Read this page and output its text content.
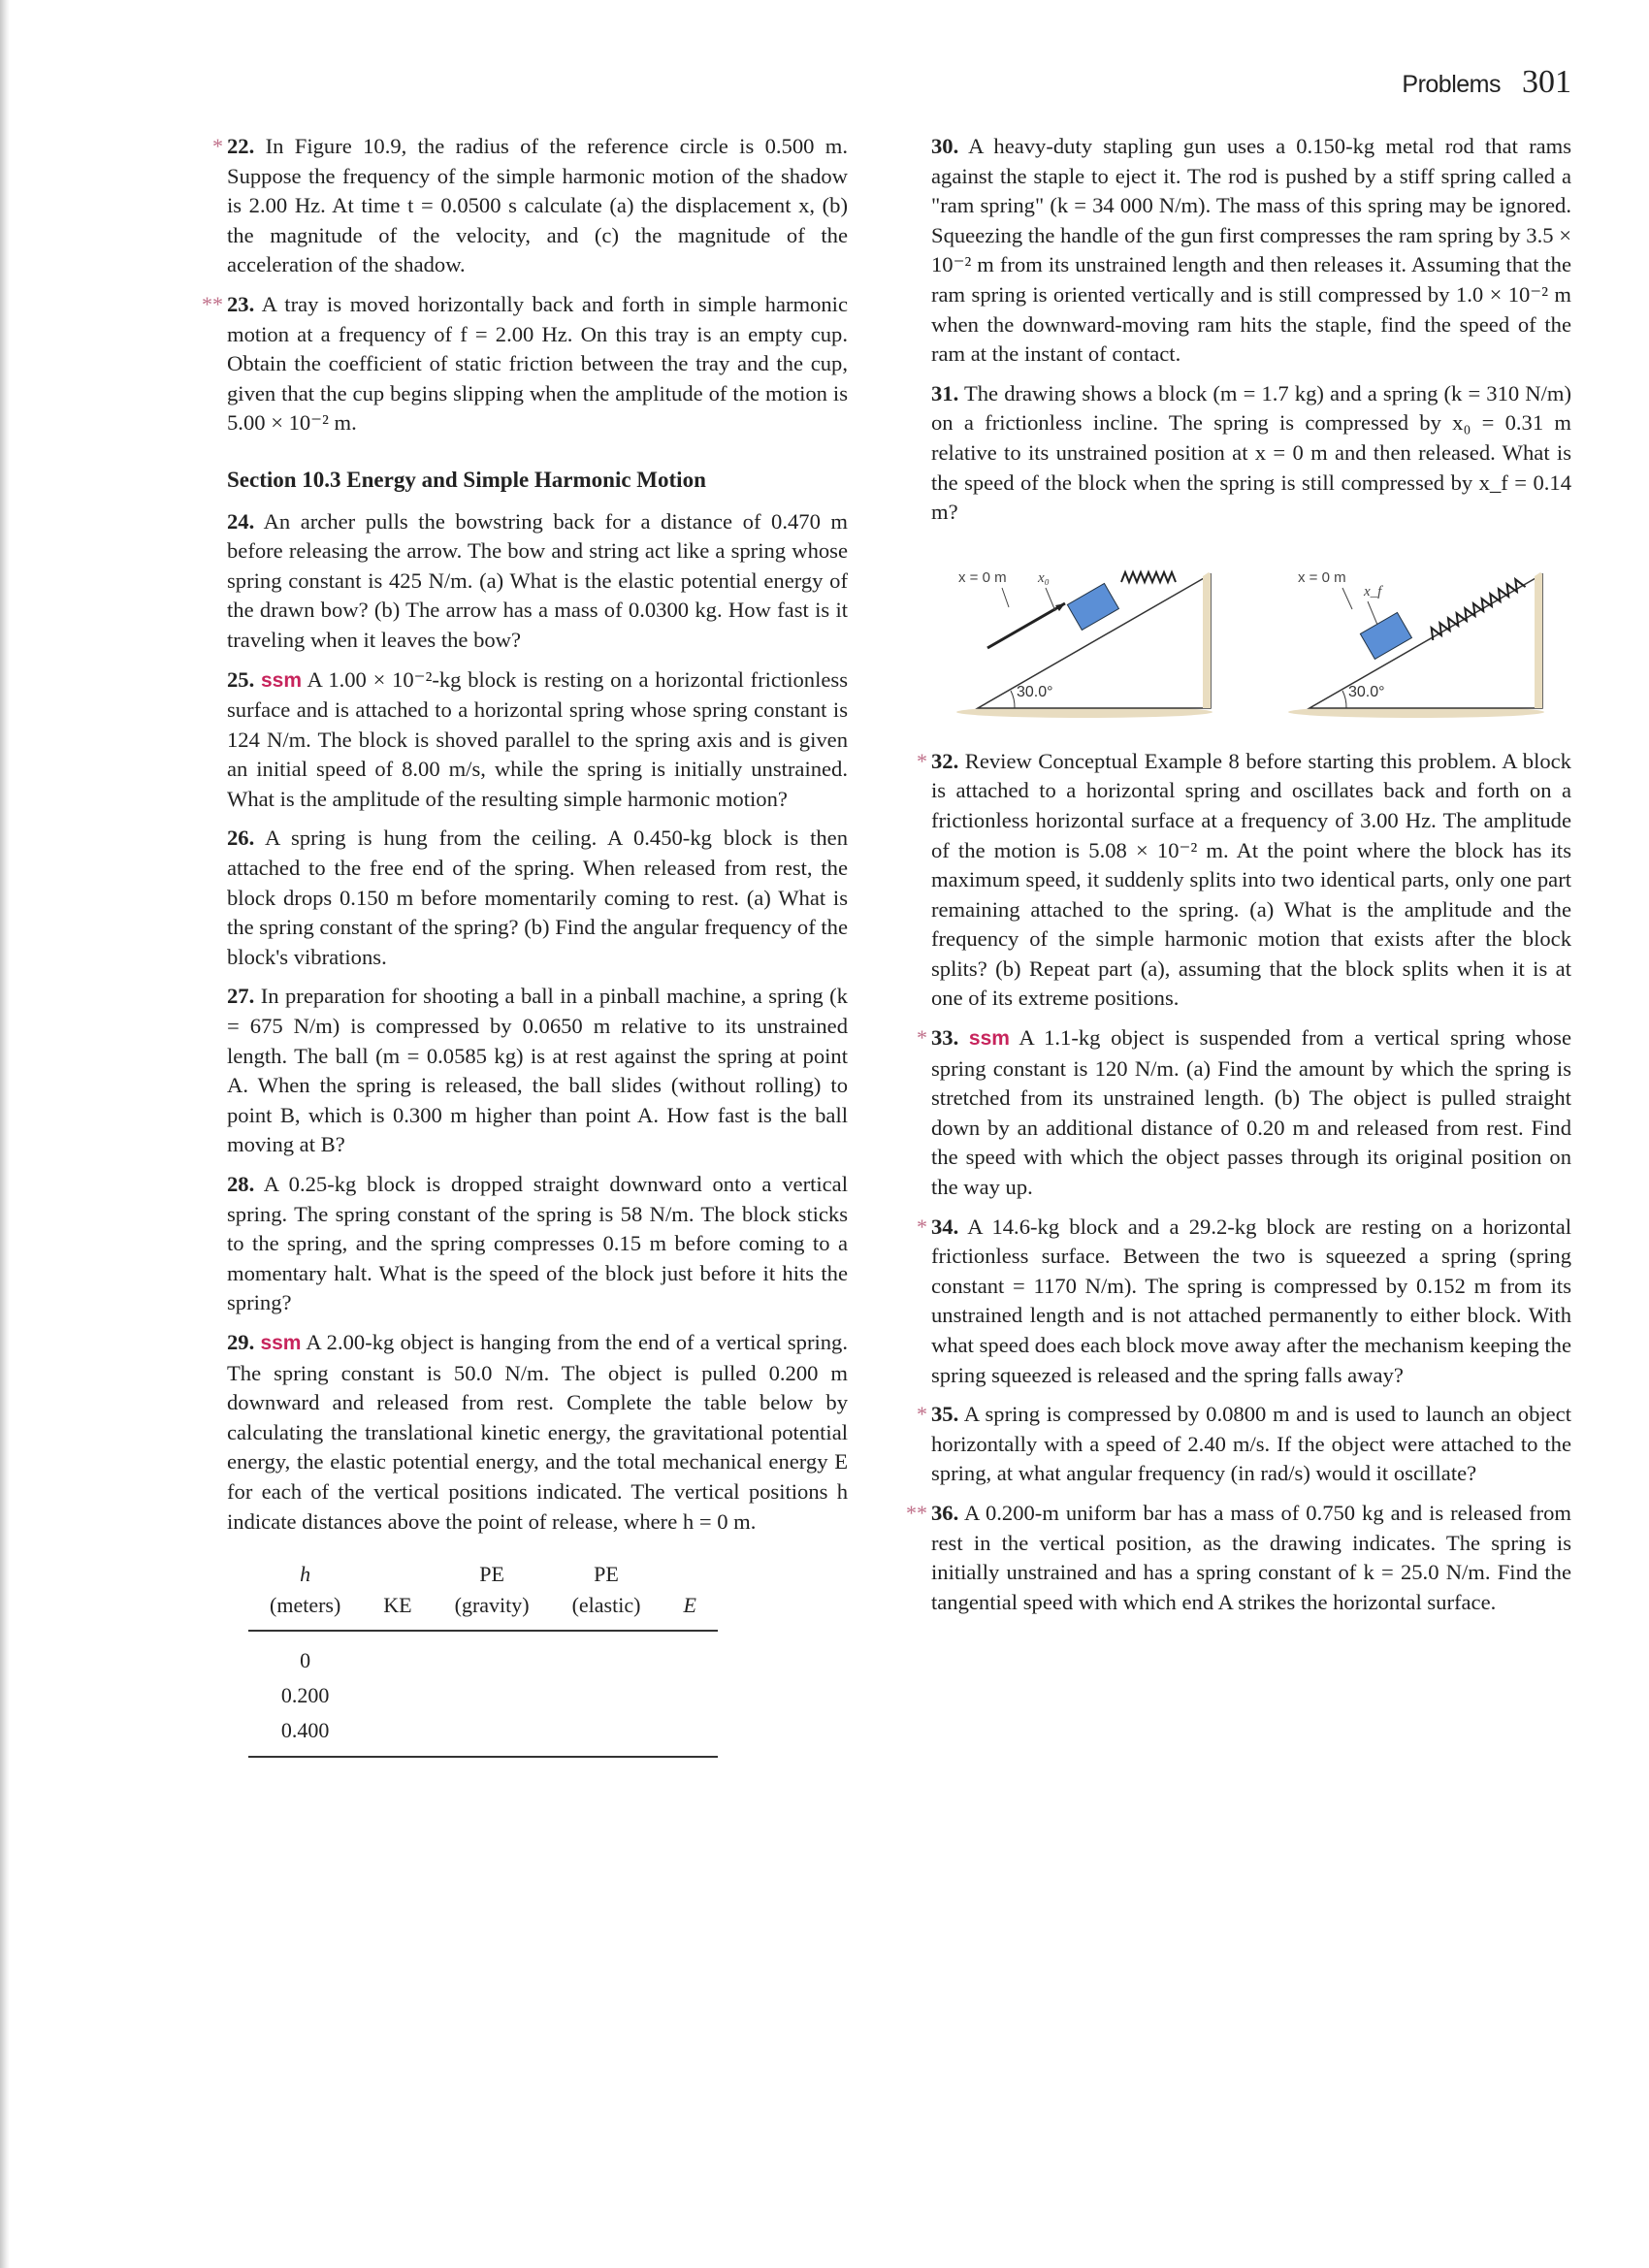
Problems 301
* 22. In Figure 10.9, the radius of the reference circle is 0.500 m. Suppose the frequency of the simple harmonic motion of the shadow is 2.00 Hz. At time t = 0.0500 s calculate (a) the displacement x, (b) the magnitude of the velocity, and (c) the magnitude of the acceleration of the shadow.
** 23. A tray is moved horizontally back and forth in simple harmonic motion at a frequency of f = 2.00 Hz. On this tray is an empty cup. Obtain the coefficient of static friction between the tray and the cup, given that the cup begins slipping when the amplitude of the motion is 5.00 × 10⁻² m.
Section 10.3 Energy and Simple Harmonic Motion
24. An archer pulls the bowstring back for a distance of 0.470 m before releasing the arrow. The bow and string act like a spring whose spring constant is 425 N/m. (a) What is the elastic potential energy of the drawn bow? (b) The arrow has a mass of 0.0300 kg. How fast is it traveling when it leaves the bow?
25. ssm A 1.00 × 10⁻²-kg block is resting on a horizontal frictionless surface and is attached to a horizontal spring whose spring constant is 124 N/m. The block is shoved parallel to the spring axis and is given an initial speed of 8.00 m/s, while the spring is initially unstrained. What is the amplitude of the resulting simple harmonic motion?
26. A spring is hung from the ceiling. A 0.450-kg block is then attached to the free end of the spring. When released from rest, the block drops 0.150 m before momentarily coming to rest. (a) What is the spring constant of the spring? (b) Find the angular frequency of the block's vibrations.
27. In preparation for shooting a ball in a pinball machine, a spring (k = 675 N/m) is compressed by 0.0650 m relative to its unstrained length. The ball (m = 0.0585 kg) is at rest against the spring at point A. When the spring is released, the ball slides (without rolling) to point B, which is 0.300 m higher than point A. How fast is the ball moving at B?
28. A 0.25-kg block is dropped straight downward onto a vertical spring. The spring constant of the spring is 58 N/m. The block sticks to the spring, and the spring compresses 0.15 m before coming to a momentary halt. What is the speed of the block just before it hits the spring?
29. ssm A 2.00-kg object is hanging from the end of a vertical spring. The spring constant is 50.0 N/m. The object is pulled 0.200 m downward and released from rest. Complete the table below by calculating the translational kinetic energy, the gravitational potential energy, the elastic potential energy, and the total mechanical energy E for each of the vertical positions indicated. The vertical positions h indicate distances above the point of release, where h = 0 m.
h		PE	PE	
(meters)	KE	(gravity)	(elastic)	E
0				
0.200				
0.400				
30. A heavy-duty stapling gun uses a 0.150-kg metal rod that rams against the staple to eject it. The rod is pushed by a stiff spring called a "ram spring" (k = 34 000 N/m). The mass of this spring may be ignored. Squeezing the handle of the gun first compresses the ram spring by 3.5 × 10⁻² m from its unstrained length and then releases it. Assuming that the ram spring is oriented vertically and is still compressed by 1.0 × 10⁻² m when the downward-moving ram hits the staple, find the speed of the ram at the instant of contact.
31. The drawing shows a block (m = 1.7 kg) and a spring (k = 310 N/m) on a frictionless incline. The spring is compressed by x₀ = 0.31 m relative to its unstrained position at x = 0 m and then released. What is the speed of the block when the spring is still compressed by x_f = 0.14 m?
x = 0 m x₀
30.0°
x = 0 m
x_f
30.0°
* 32. Review Conceptual Example 8 before starting this problem. A block is attached to a horizontal spring and oscillates back and forth on a frictionless horizontal surface at a frequency of 3.00 Hz. The amplitude of the motion is 5.08 × 10⁻² m. At the point where the block has its maximum speed, it suddenly splits into two identical parts, only one part remaining attached to the spring. (a) What is the amplitude and the frequency of the simple harmonic motion that exists after the block splits? (b) Repeat part (a), assuming that the block splits when it is at one of its extreme positions.
* 33. ssm A 1.1-kg object is suspended from a vertical spring whose spring constant is 120 N/m. (a) Find the amount by which the spring is stretched from its unstrained length. (b) The object is pulled straight down by an additional distance of 0.20 m and released from rest. Find the speed with which the object passes through its original position on the way up.
* 34. A 14.6-kg block and a 29.2-kg block are resting on a horizontal frictionless surface. Between the two is squeezed a spring (spring constant = 1170 N/m). The spring is compressed by 0.152 m from its unstrained length and is not attached permanently to either block. With what speed does each block move away after the mechanism keeping the spring squeezed is released and the spring falls away?
* 35. A spring is compressed by 0.0800 m and is used to launch an object horizontally with a speed of 2.40 m/s. If the object were attached to the spring, at what angular frequency (in rad/s) would it oscillate?
** 36. A 0.200-m uniform bar has a mass of 0.750 kg and is released from rest in the vertical position, as the drawing indicates. The spring is initially unstrained and has a spring constant of k = 25.0 N/m. Find the tangential speed with which end A strikes the horizontal surface.
